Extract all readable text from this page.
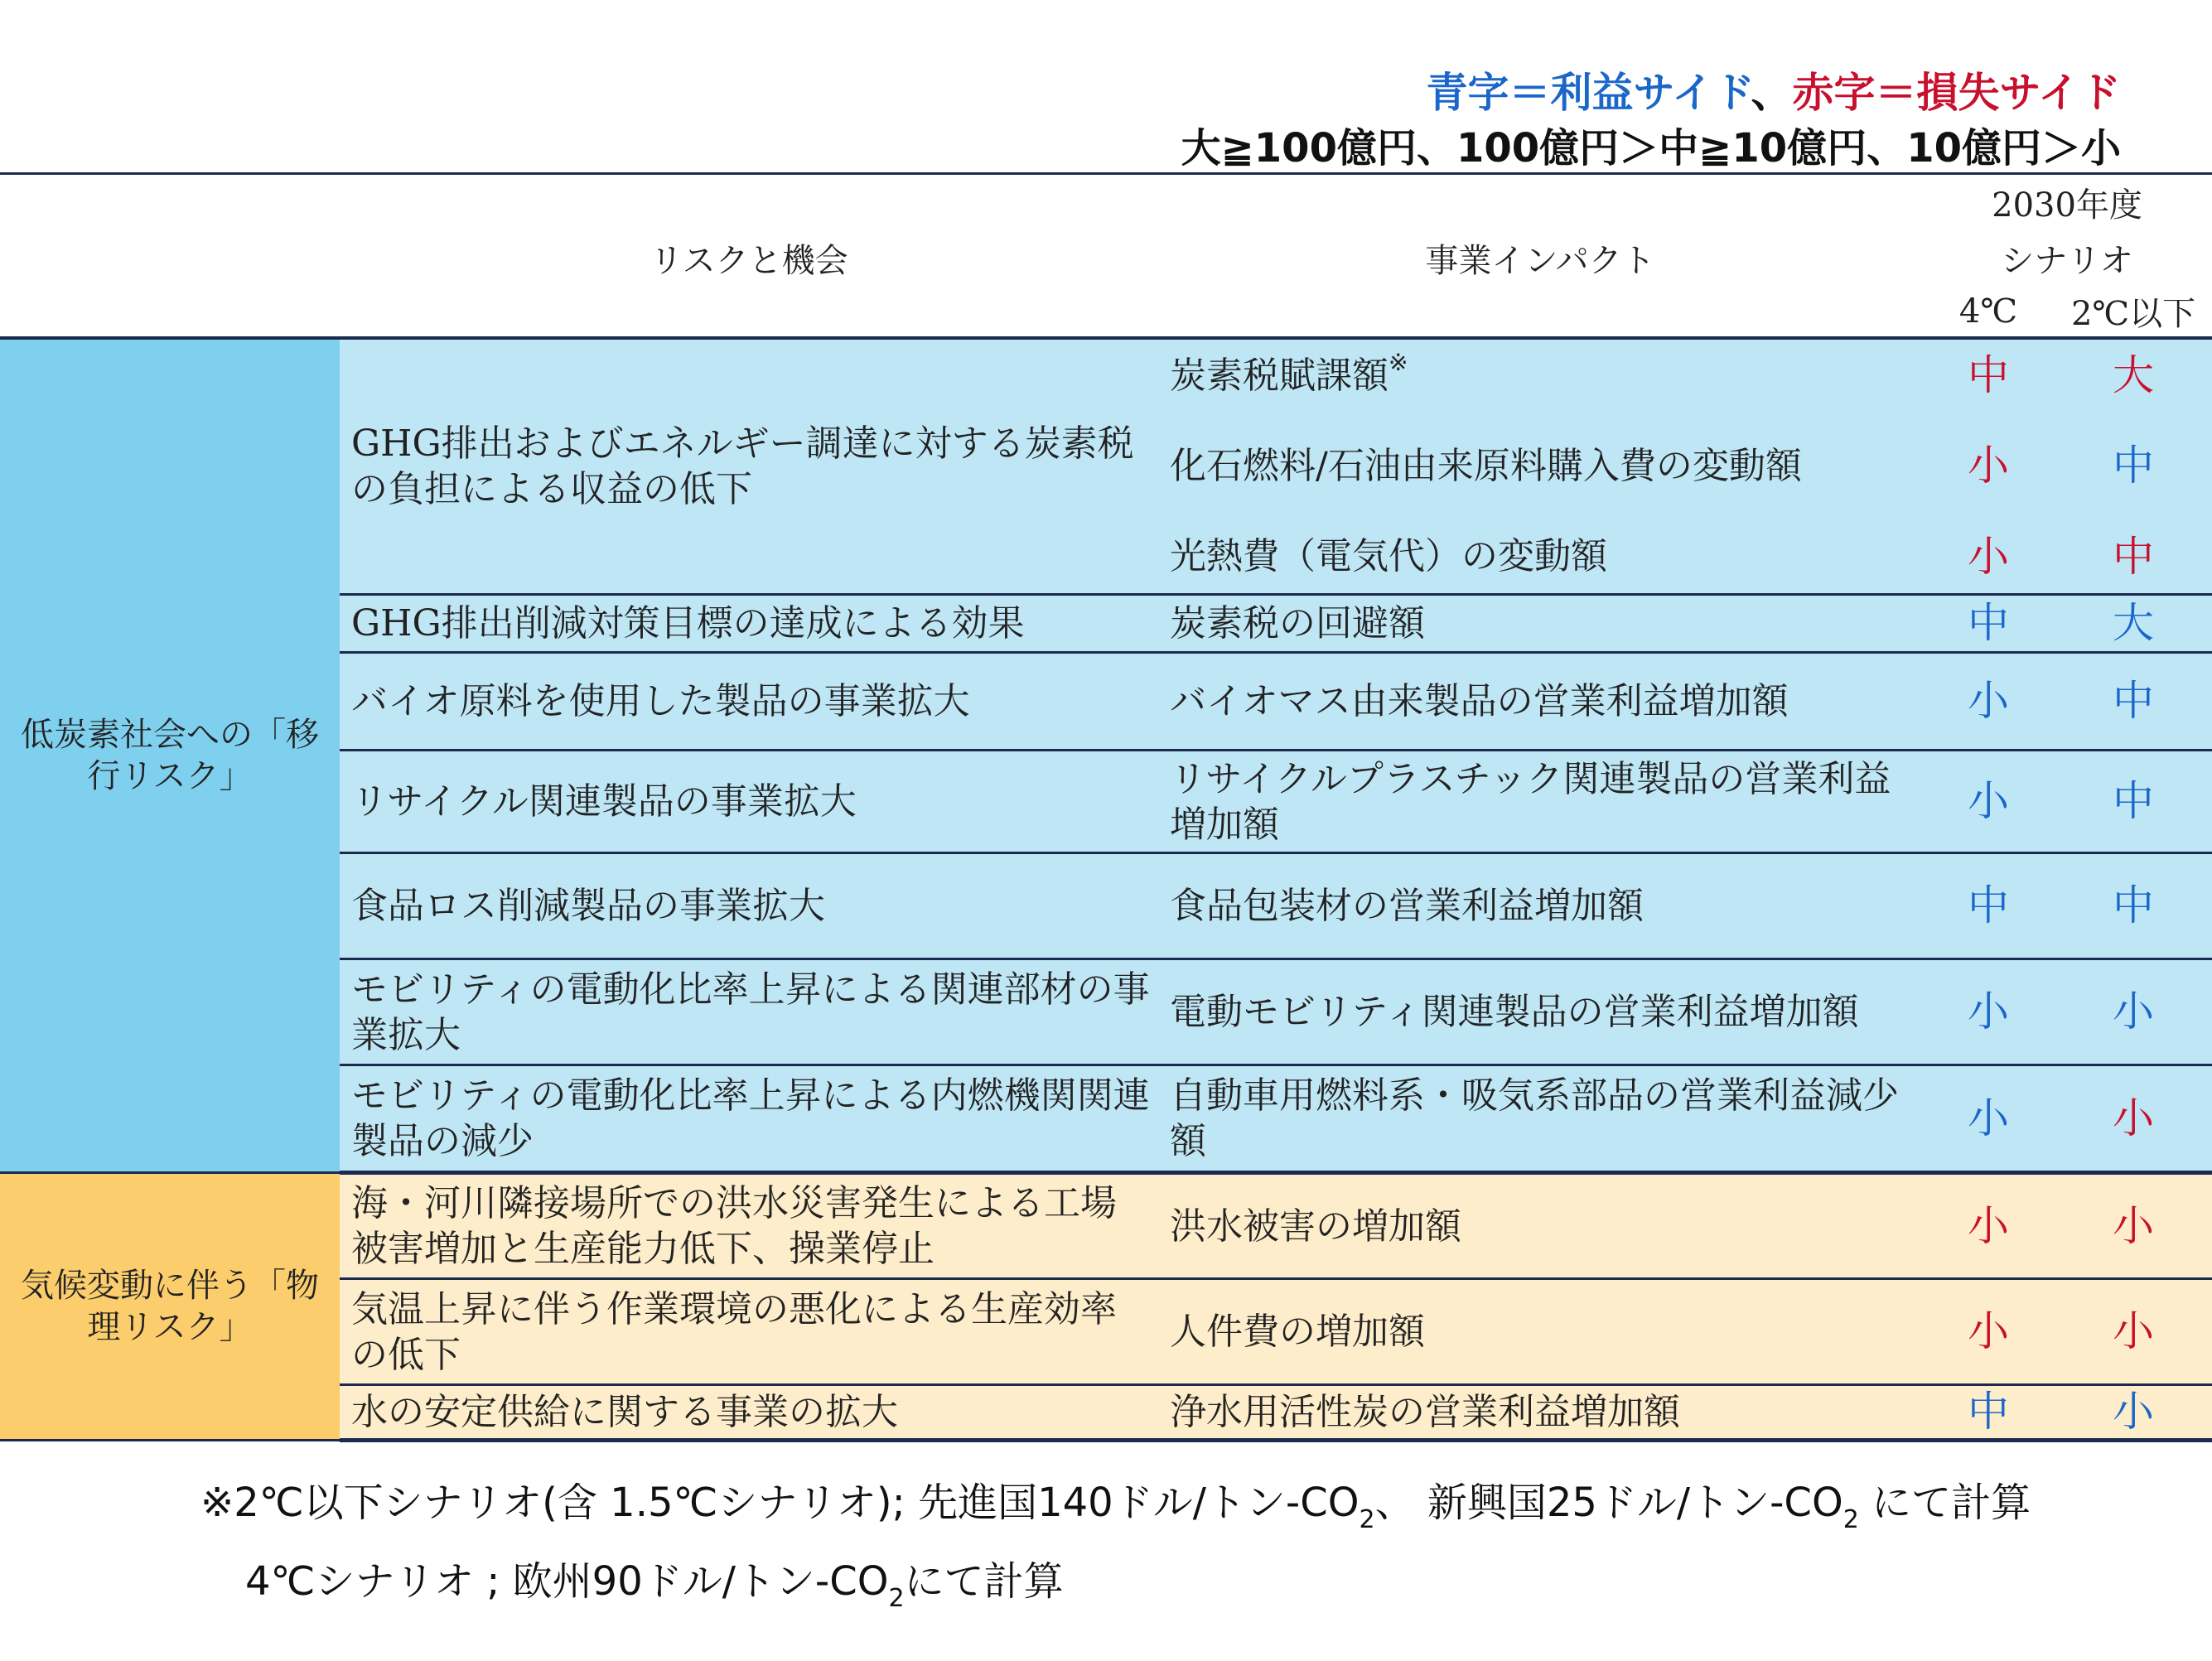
青字＝利益サイド、赤字＝損失サイド
大≧100億円、100億円＞中≧10億円、10億円＞小
			2030年度	
	リスクと機会	事業インパクト	シナリオ	
			4℃	2℃以下
低炭素社会への「移行リスク」	GHG排出およびエネルギー調達に対する炭素税の負担による収益の低下	炭素税賦課額※	中	大
		化石燃料/石油由来原料購入費の変動額	小	中
		光熱費（電気代）の変動額	小	中
	GHG排出削減対策目標の達成による効果	炭素税の回避額	中	大
	バイオ原料を使用した製品の事業拡大	バイオマス由来製品の営業利益増加額	小	中
	リサイクル関連製品の事業拡大	リサイクルプラスチック関連製品の営業利益増加額	小	中
	食品ロス削減製品の事業拡大	食品包装材の営業利益増加額	中	中
	モビリティの電動化比率上昇による関連部材の事業拡大	電動モビリティ関連製品の営業利益増加額	小	小
	モビリティの電動化比率上昇による内燃機関関連製品の減少	自動車用燃料系・吸気系部品の営業利益減少額	小	小
気候変動に伴う「物理リスク」	海・河川隣接場所での洪水災害発生による工場被害増加と生産能力低下、操業停止	洪水被害の増加額	小	小
	気温上昇に伴う作業環境の悪化による生産効率の低下	人件費の増加額	小	小
	水の安定供給に関する事業の拡大	浄水用活性炭の営業利益増加額	中	小
※2℃以下シナリオ(含 1.5℃シナリオ); 先進国140ドル/トン$-CO_2$、 新興国25ドル/トン$-CO_2$ にて計算
4℃シナリオ ; 欧州90ドル/トン$-CO_2$にて計算
